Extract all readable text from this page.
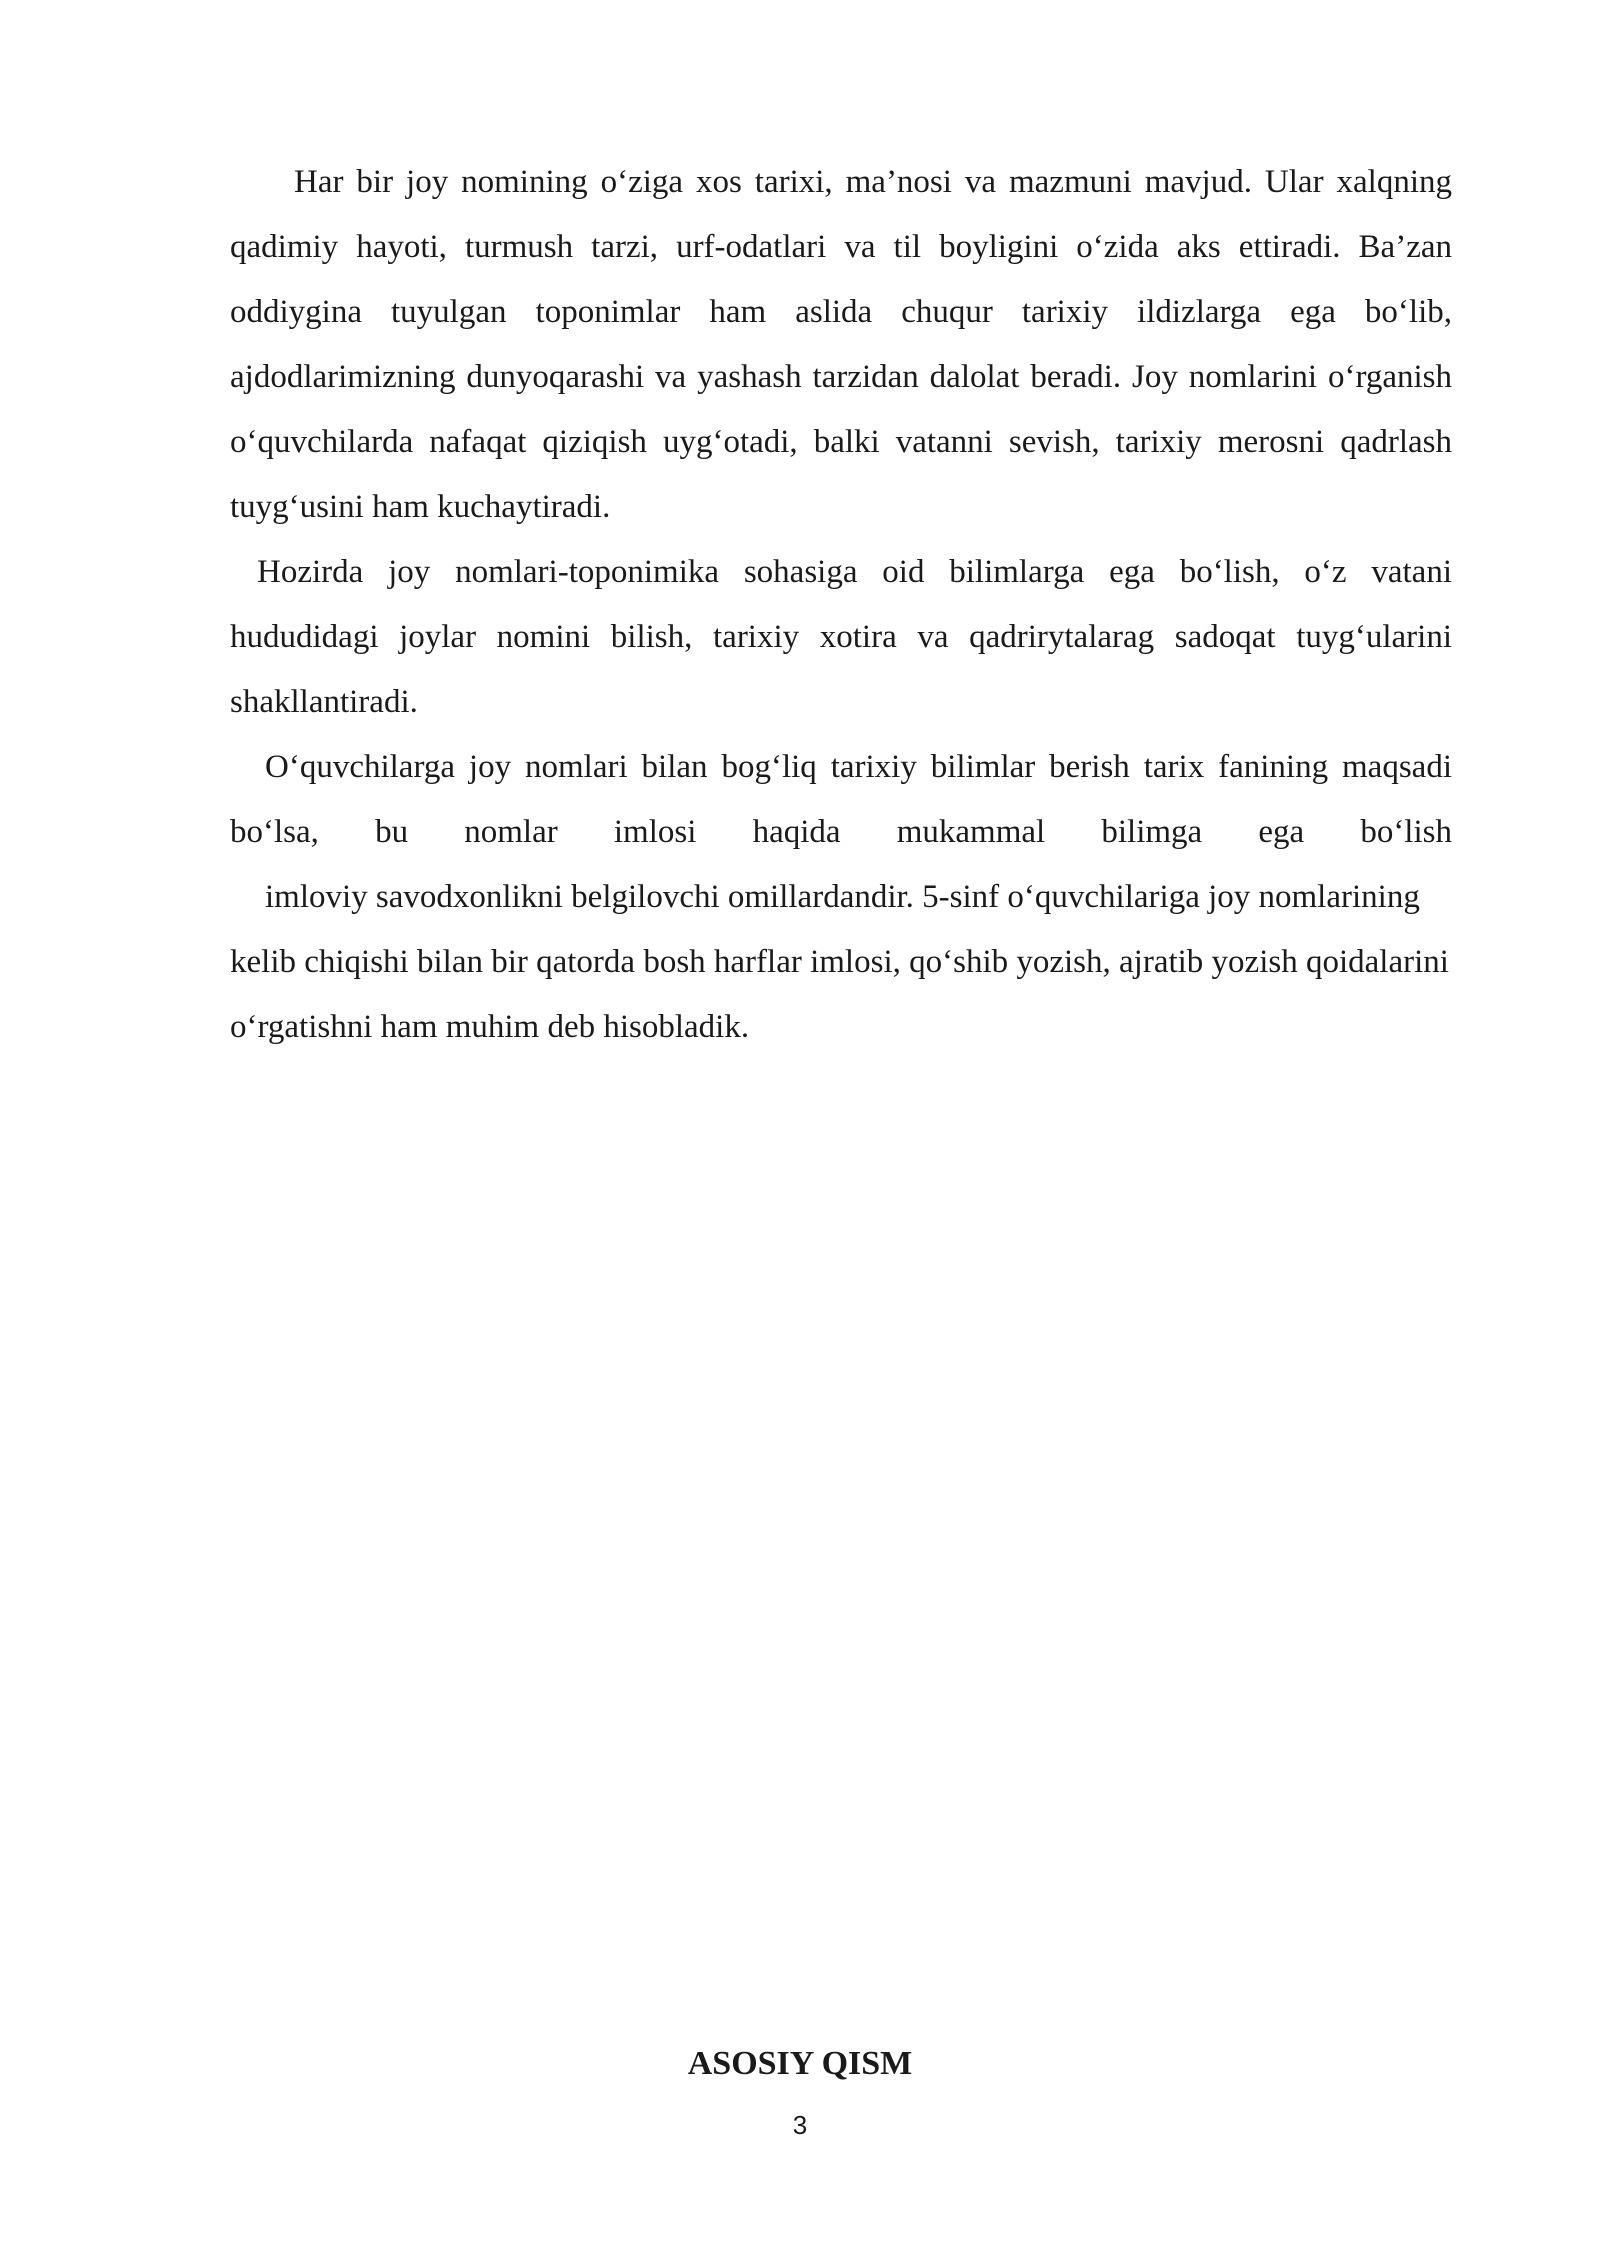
Har bir joy nomining o‘ziga xos tarixi, ma’nosi va mazmuni mavjud. Ular xalqning qadimiy hayoti, turmush tarzi, urf-odatlari va til boyligini o‘zida aks ettiradi. Ba’zan oddiygina tuyulgan toponimlar ham aslida chuqur tarixiy ildizlarga ega bo‘lib, ajdodlarimizning dunyoqarashi va yashash tarzidan dalolat beradi. Joy nomlarini o‘rganish o‘quvchilarda nafaqat qiziqish uyg‘otadi, balki vatanni sevish, tarixiy merosni qadrlash tuyg‘usini ham kuchaytiradi.

Hozirda joy nomlari-toponimika sohasiga oid bilimlarga ega bo‘lish, o‘z vatani hududidagi joylar nomini bilish, tarixiy xotira va qadrirytalarag sadoqat tuyg‘ularini shakllantiradi.

O‘quvchilarga joy nomlari bilan bog‘liq tarixiy bilimlar berish tarix fanining maqsadi bo‘lsa, bu nomlar imlosi haqida mukammal bilimga ega bo‘lish
imloviy savodxonlikni belgilovchi omillardandir. 5-sinf o‘quvchilariga joy nomlarining kelib chiqishi bilan bir qatorda bosh harflar imlosi, qo‘shib yozish, ajratib yozish qoidalarini o‘rgatishni ham muhim deb hisobladik.

ASOSIY QISM
3
